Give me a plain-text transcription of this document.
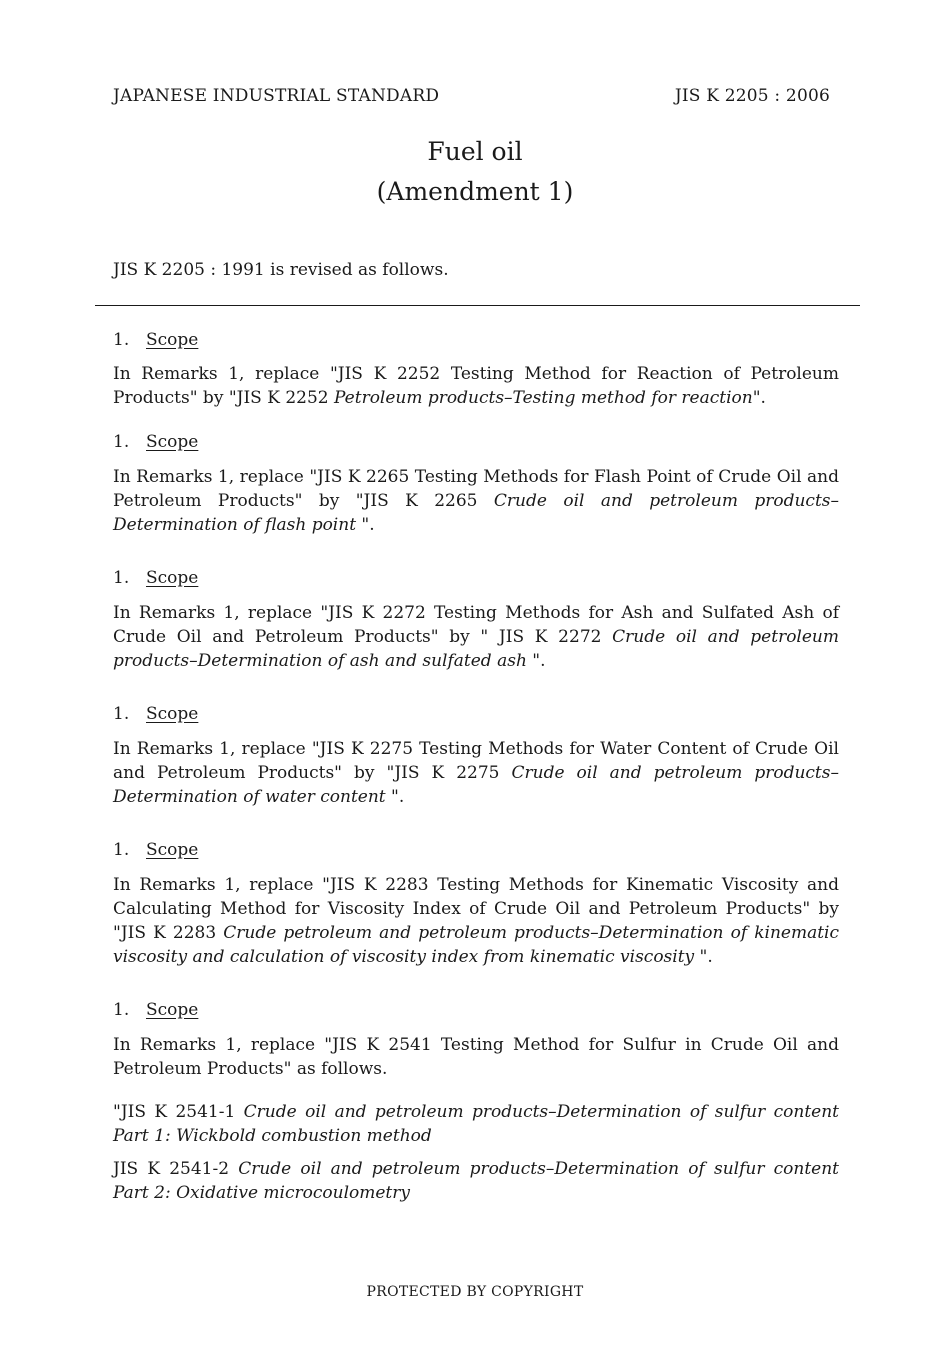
JAPANESE INDUSTRIAL STANDARD	JIS K 2205 : 2006
Fuel oil
(Amendment 1)
JIS K 2205 : 1991 is revised as follows.
1. Scope
In Remarks 1, replace "JIS K 2252 Testing Method for Reaction of Petroleum Products" by "JIS K 2252 Petroleum products–Testing method for reaction".
1. Scope
In Remarks 1, replace "JIS K 2265 Testing Methods for Flash Point of Crude Oil and Petroleum Products" by "JIS K 2265 Crude oil and petroleum products–Determination of flash point ".
1. Scope
In Remarks 1, replace "JIS K 2272 Testing Methods for Ash and Sulfated Ash of Crude Oil and Petroleum Products" by " JIS K 2272 Crude oil and petroleum products–Determination of ash and sulfated ash ".
1. Scope
In Remarks 1, replace "JIS K 2275 Testing Methods for Water Content of Crude Oil and Petroleum Products" by "JIS K 2275 Crude oil and petroleum products–Determination of water content ".
1. Scope
In Remarks 1, replace "JIS K 2283 Testing Methods for Kinematic Viscosity and Calculating Method for Viscosity Index of Crude Oil and Petroleum Products" by "JIS K 2283 Crude petroleum and petroleum products–Determination of kinematic viscosity and calculation of viscosity index from kinematic viscosity ".
1. Scope
In Remarks 1, replace "JIS K 2541 Testing Method for Sulfur in Crude Oil and Petroleum Products" as follows.
"JIS K 2541-1 Crude oil and petroleum products–Determination of sulfur content Part 1: Wickbold combustion method
JIS K 2541-2 Crude oil and petroleum products–Determination of sulfur content Part 2: Oxidative microcoulometry
PROTECTED BY COPYRIGHT
